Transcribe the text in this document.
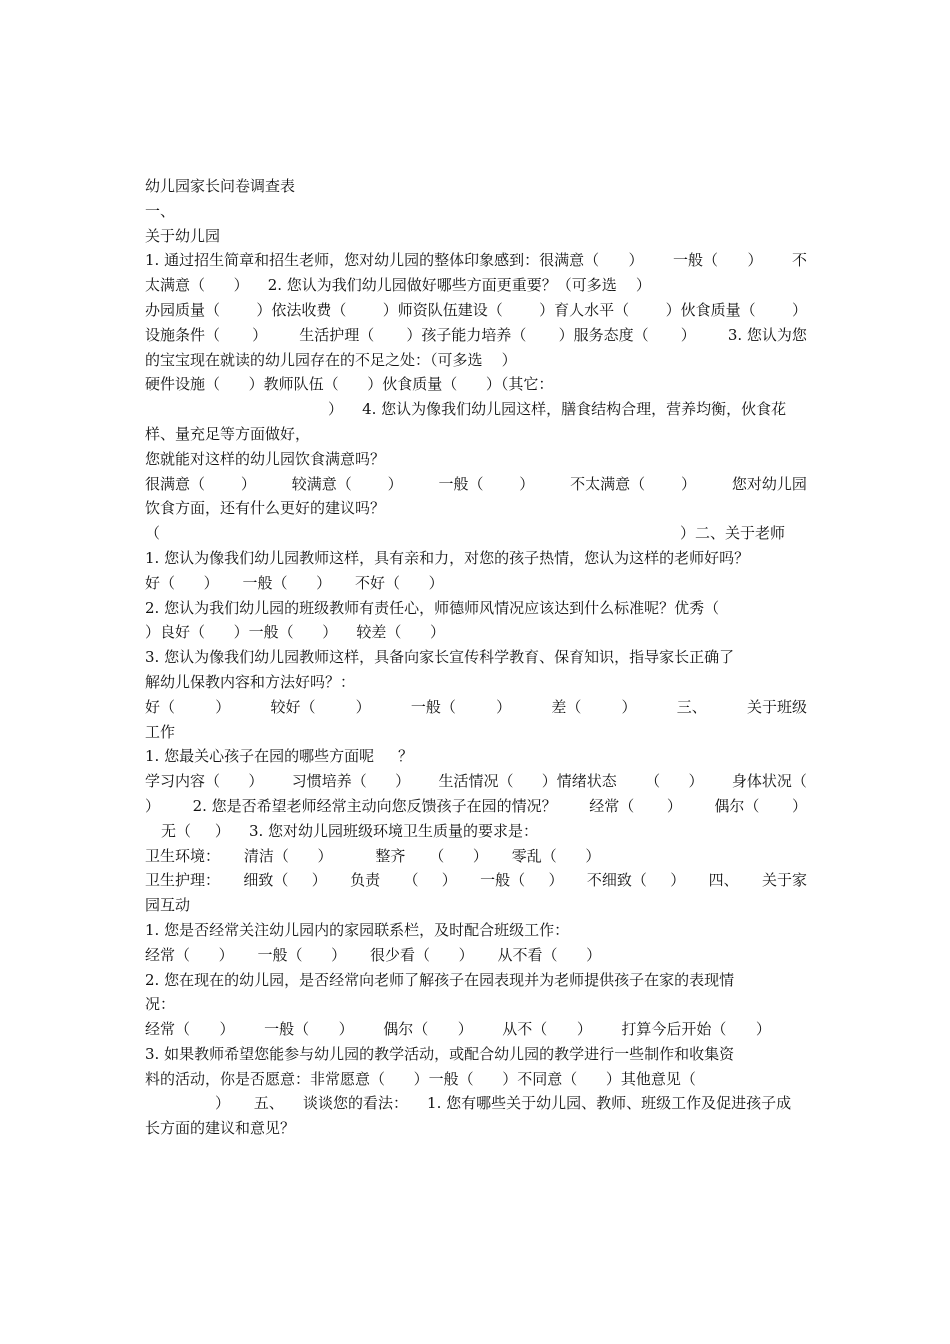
幼儿园家长问卷调查表
一、
关于幼儿园
1. 通过招生简章和招生老师，您对幼儿园的整体印象感到：很满意（ ） 一般（ ） 不
太满意（ ） 2. 您认为我们幼儿园做好哪些方面更重要？（可多选 ）
办园质量（ ）依法收费（ ）师资队伍建设（ ）育人水平（ ）伙食质量（ ）
设施条件（ ） 生活护理（ ）孩子能力培养（ ）服务态度（ ） 3. 您认为您
的宝宝现在就读的幼儿园存在的不足之处：（可多选 ）
硬件设施（ ）教师队伍（ ）伙食质量（ ）（其它：
） 4. 您认为像我们幼儿园这样，膳食结构合理，营养均衡，伙食花
样、量充足等方面做好，
您就能对这样的幼儿园饮食满意吗？
很满意（ ） 较满意（ ） 一般（ ） 不太满意（ ） 您对幼儿园
饮食方面，还有什么更好的建议吗？
（	）二、关于老师
1. 您认为像我们幼儿园教师这样，具有亲和力，对您的孩子热情，您认为这样的老师好吗？
好（ ） 一般（ ） 不好（ ）
2. 您认为我们幼儿园的班级教师有责任心，师德师风情况应该达到什么标准呢？优秀（
）良好（ ）一般（ ） 较差（ ）
3. 您认为像我们幼儿园教师这样，具备向家长宣传科学教育、保育知识，指导家长正确了
解幼儿保教内容和方法好吗？：
好（	）	较好（	）	一般（	）	差（	）	三、	关于班级
工作
1. 您最关心孩子在园的哪些方面呢 ？
学习内容（ ） 习惯培养（ ） 生活情况（ ）情绪状态 （ ） 身体状况（
） 2. 您是否希望老师经常主动向您反馈孩子在园的情况？ 经常（ ） 偶尔（ ）
无（ ） 3. 您对幼儿园班级环境卫生质量的要求是：
卫生环境： 清洁（ ）	整齐 （ ） 零乱（ ）
卫生护理： 细致（ ） 负责 （ ） 一般（ ） 不细致（ ） 四、 关于家
园互动
1. 您是否经常关注幼儿园内的家园联系栏，及时配合班级工作：
经常（ ） 一般（ ） 很少看（ ） 从不看（ ）
2. 您在现在的幼儿园，是否经常向老师了解孩子在园表现并为老师提供孩子在家的表现情
况：
经常（ ） 一般（ ） 偶尔（ ） 从不（ ） 打算今后开始（ ）
3. 如果教师希望您能参与幼儿园的教学活动，或配合幼儿园的教学进行一些制作和收集资
料的活动，你是否愿意：非常愿意（ ）一般（ ）不同意（ ）其他意见（
） 五、 谈谈您的看法： 1. 您有哪些关于幼儿园、教师、班级工作及促进孩子成
长方面的建议和意见？
